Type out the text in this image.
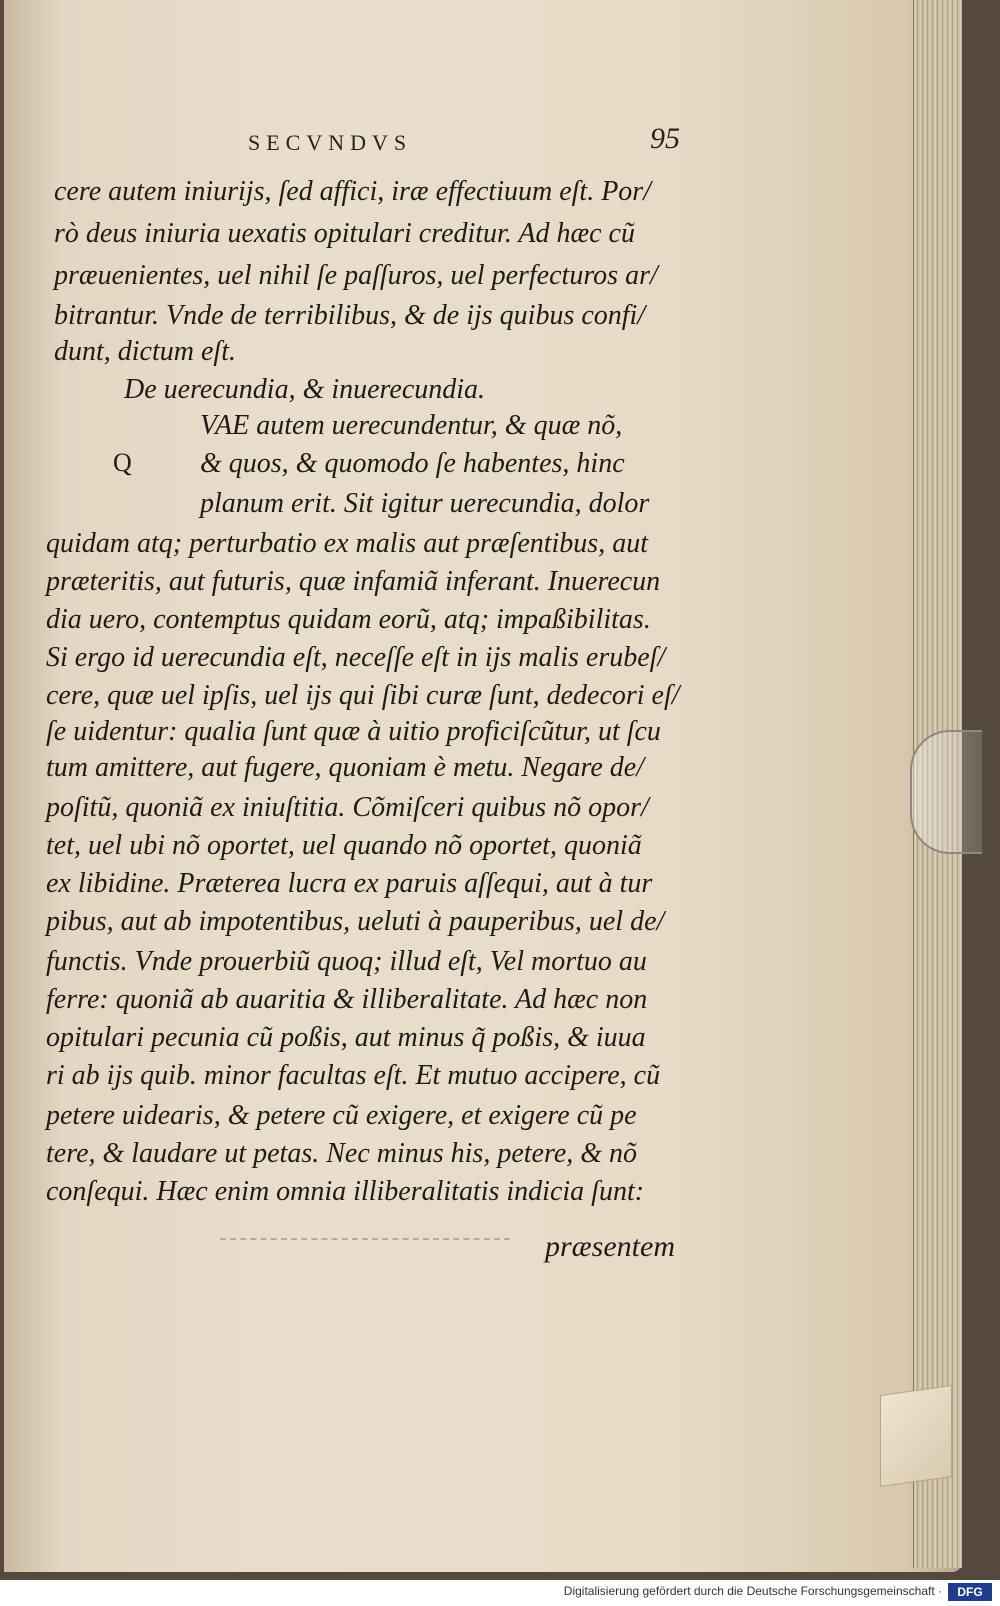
SECVNDVS	95
cere autem iniurijs, ſed affici, iræ effectiuum eſt. Por/
rò deus iniuria uexatis opitulari creditur. Ad hæc cũ
præuenientes, uel nihil ſe paſſuros, uel perfecturos ar/
bitrantur. Vnde de terribilibus, & de ijs quibus confi/
dunt, dictum eſt.
De uerecundia, & inuerecundia.
Q
VAE autem uerecundentur, & quæ nõ,
& quos, & quomodo ſe habentes, hinc
planum erit. Sit igitur uerecundia, dolor
quidam atq; perturbatio ex malis aut præſentibus, aut
præteritis, aut futuris, quæ infamiã inferant. Inuerecun
dia uero, contemptus quidam eorũ, atq; impaßibilitas.
Si ergo id uerecundia eſt, neceſſe eſt in ijs malis erubeſ/
cere, quæ uel ipſis, uel ijs qui ſibi curæ ſunt, dedecori eſ/
ſe uidentur: qualia ſunt quæ à uitio proficiſcũtur, ut ſcu
tum amittere, aut fugere, quoniam è metu. Negare de/
poſitũ, quoniã ex iniuſtitia. Cõmiſceri quibus nõ opor/
tet, uel ubi nõ oportet, uel quando nõ oportet, quoniã
ex libidine. Præterea lucra ex paruis aſſequi, aut à tur
pibus, aut ab impotentibus, ueluti à pauperibus, uel de/
functis. Vnde prouerbiũ quoq; illud eſt, Vel mortuo au
ferre: quoniã ab auaritia & illiberalitate. Ad hæc non
opitulari pecunia cũ poßis, aut minus q̃ poßis, & iuua
ri ab ijs quib. minor facultas eſt. Et mutuo accipere, cũ
petere uidearis, & petere cũ exigere, et exigere cũ pe
tere, & laudare ut petas. Nec minus his, petere, & nõ
conſequi. Hæc enim omnia illiberalitatis indicia ſunt:
præsentem
Digitalisierung gefördert durch die Deutsche Forschungsgemeinschaft ·	DFG
